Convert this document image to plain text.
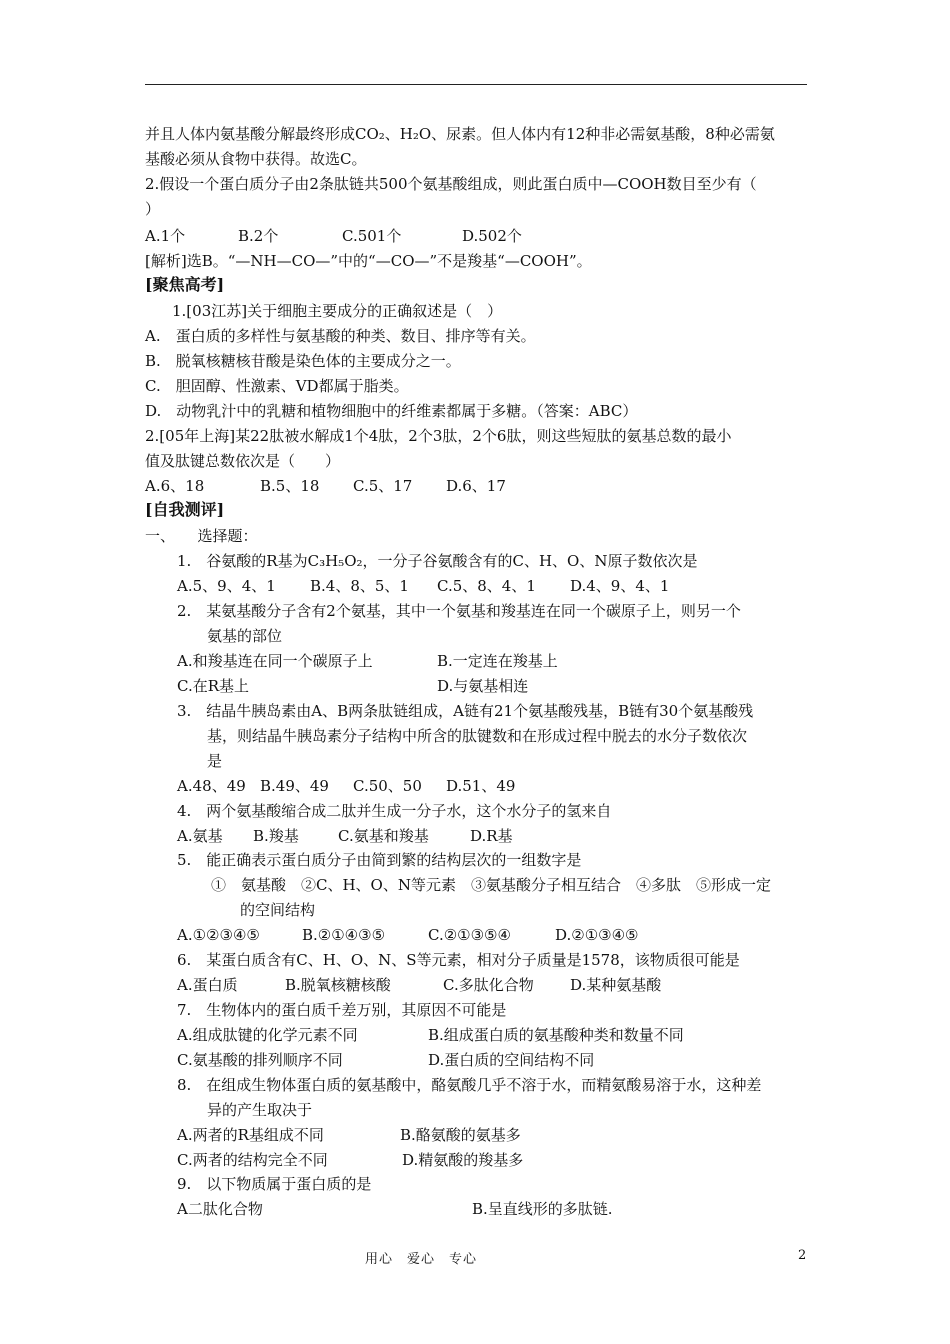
并且人体内氨基酸分解最终形成CO₂、H₂O、尿素。但人体内有12种非必需氨基酸，8种必需氨
基酸必须从食物中获得。故选C。
2.假设一个蛋白质分子由2条肽链共500个氨基酸组成，则此蛋白质中—COOH数目至少有（
）
A.1个	B.2个	C.501个	D.502个
[解析]选B。“—NH—CO—”中的“—CO—”不是羧基“—COOH”。
[聚焦高考]
1.[03江苏]关于细胞主要成分的正确叙述是（　）
A.　蛋白质的多样性与氨基酸的种类、数目、排序等有关。
B.　脱氧核糖核苷酸是染色体的主要成分之一。
C.　胆固醇、性激素、VD都属于脂类。
D.　动物乳汁中的乳糖和植物细胞中的纤维素都属于多糖。（答案：ABC）
2.[05年上海]某22肽被水解成1个4肽，2个3肽，2个6肽，则这些短肽的氨基总数的最小
值及肽键总数依次是（　　）
A.6、18	B.5、18 C.5、17 D.6、17
[自我测评]
一、　　选择题：
1.　谷氨酸的R基为C₃H₅O₂，一分子谷氨酸含有的C、H、O、N原子数依次是
A.5、9、4、1 B.4、8、5、1 C.5、8、4、1 D.4、9、4、1
2.　某氨基酸分子含有2个氨基，其中一个氨基和羧基连在同一个碳原子上，则另一个
氨基的部位
A.和羧基连在同一个碳原子上	B.一定连在羧基上
C.在R基上	D.与氨基相连
3.　结晶牛胰岛素由A、B两条肽链组成，A链有21个氨基酸残基，B链有30个氨基酸残
基，则结晶牛胰岛素分子结构中所含的肽键数和在形成过程中脱去的水分子数依次
是
A.48、49 B.49、49 C.50、50 D.51、49
4.　两个氨基酸缩合成二肽并生成一分子水，这个水分子的氢来自
A.氨基 B.羧基	C.氨基和羧基	D.R基
5.　能正确表示蛋白质分子由简到繁的结构层次的一组数字是
①　氨基酸　②C、H、O、N等元素　③氨基酸分子相互结合　④多肽　⑤形成一定
的空间结构
A.①②③④⑤	B.②①④③⑤	C.②①③⑤④	D.②①③④⑤
6.　某蛋白质含有C、H、O、N、S等元素，相对分子质量是1578，该物质很可能是
A.蛋白质	B.脱氧核糖核酸	C.多肽化合物 D.某种氨基酸
7.　生物体内的蛋白质千差万别，其原因不可能是
A.组成肽键的化学元素不同	B.组成蛋白质的氨基酸种类和数量不同
C.氨基酸的排列顺序不同	D.蛋白质的空间结构不同
8.　在组成生物体蛋白质的氨基酸中，酪氨酸几乎不溶于水，而精氨酸易溶于水，这种差
异的产生取决于
A.两者的R基组成不同	B.酪氨酸的氨基多
C.两者的结构完全不同	D.精氨酸的羧基多
9.　以下物质属于蛋白质的是
A二肽化合物	B.呈直线形的多肽链.
用心　爱心　专心	2
